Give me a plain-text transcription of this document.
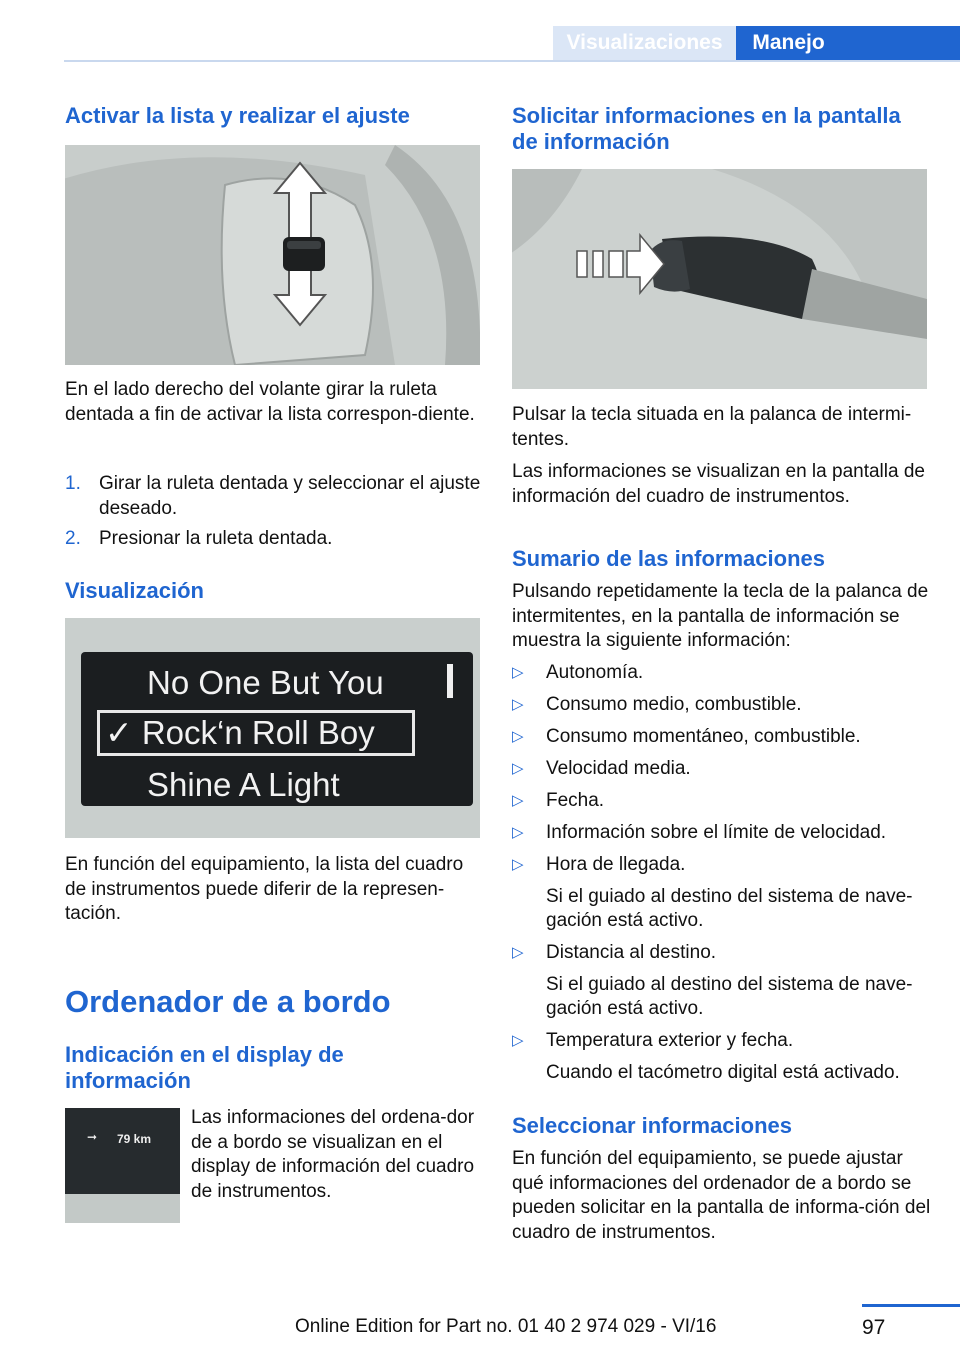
Visualizaciones	Manejo
Activar la lista y realizar el ajuste

En el lado derecho del volante girar la ruleta dentada a fin de activar la lista correspon-diente.

1. Girar la ruleta dentada y seleccionar el ajuste deseado.
2. Presionar la ruleta dentada.
Visualización
No One But You
✓ Rock‘n Roll Boy
Shine A Light

En función del equipamiento, la lista del cuadro de instrumentos puede diferir de la represen-tación.

Ordenador de a bordo
Indicación en el display de información
➞	79 km

Las informaciones del ordena-dor de a bordo se visualizan en el display de información del cuadro de instrumentos.

Solicitar informaciones en la pantalla de información

Pulsar la tecla situada en la palanca de intermi-tentes.

Las informaciones se visualizan en la pantalla de información del cuadro de instrumentos.

Sumario de las informaciones

Pulsando repetidamente la tecla de la palanca de intermitentes, en la pantalla de información se muestra la siguiente información:

▷ Autonomía.
▷ Consumo medio, combustible.
▷ Consumo momentáneo, combustible.
▷ Velocidad media.
▷ Fecha.
▷ Información sobre el límite de velocidad.
▷ Hora de llegada.
Si el guiado al destino del sistema de nave-gación está activo.
▷ Distancia al destino.
Si el guiado al destino del sistema de nave-gación está activo.
▷ Temperatura exterior y fecha.
Cuando el tacómetro digital está activado.
Seleccionar informaciones

En función del equipamiento, se puede ajustar qué informaciones del ordenador de a bordo se pueden solicitar en la pantalla de informa-ción del cuadro de instrumentos.

97
Online Edition for Part no. 01 40 2 974 029 - VI/16
